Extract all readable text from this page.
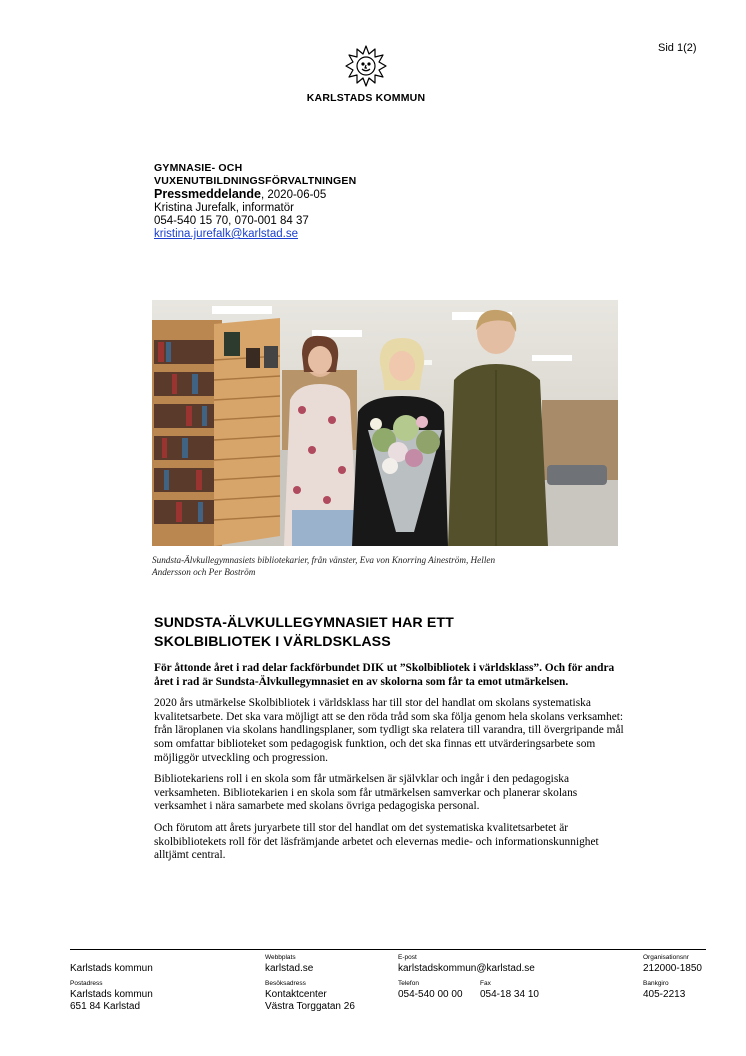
Sid 1(2)
KARLSTADS KOMMUN
GYMNASIE- OCH
VUXENUTBILDNINGSFÖRVALTNINGEN
Pressmeddelande, 2020-06-05
Kristina Jurefalk, informatör
054-540 15 70, 070-001 84 37
kristina.jurefalk@karlstad.se
Sundsta-Älvkullegymnasiets bibliotekarier, från vänster, Eva von Knorring Aineström, Hellen
Andersson och Per Boström
SUNDSTA-ÄLVKULLEGYMNASIET HAR ETT
SKOLBIBLIOTEK I VÄRLDSKLASS

För åttonde året i rad delar fackförbundet DIK ut ”Skolbibliotek i världsklass”. Och för andra året i rad är Sundsta-Älvkullegymnasiet en av skolorna som får ta emot utmärkelsen.

2020 års utmärkelse Skolbibliotek i världsklass har till stor del handlat om skolans systematiska kvalitetsarbete. Det ska vara möjligt att se den röda tråd som ska följa genom hela skolans verksamhet: från läroplanen via skolans handlingsplaner, som tydligt ska relatera till varandra, till övergripande mål som omfattar biblioteket som pedagogisk funktion, och det ska finnas ett utvärderingsarbete som möjliggör utveckling och progression.

Bibliotekariens roll i en skola som får utmärkelsen är självklar och ingår i den pedagogiska verksamheten. Bibliotekarien i en skola som får utmärkelsen samverkar och planerar skolans verksamhet i nära samarbete med skolans övriga pedagogiska personal.

Och förutom att årets juryarbete till stor del handlat om det systematiska kvalitetsarbetet är skolbibliotekets roll för det läsfrämjande arbetet och elevernas medie- och informationskunnighet alltjämt central.

Karlstads kommun
Webbplats
karlstad.se
E-post
karlstadskommun@karlstad.se
Organisationsnr
212000-1850
Postadress
Karlstads kommun
651 84 Karlstad
Besöksadress
Kontaktcenter
Västra Torggatan 26
Telefon
054-540 00 00
Fax
054-18 34 10
Bankgiro
405-2213
